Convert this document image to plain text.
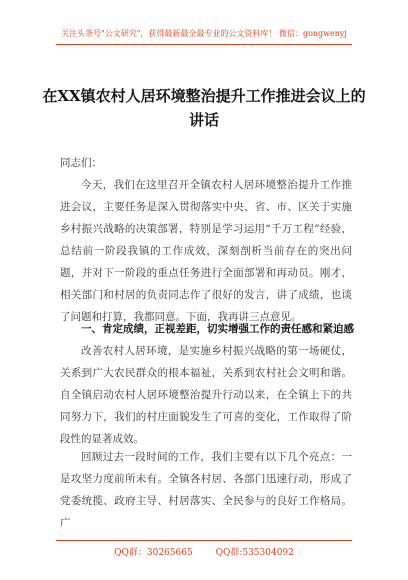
关注头条号"公文研究"，获得最新最全最专业的公文资料库！ 微信：gongwenyj
在XX镇农村人居环境整治提升工作推进会议上的讲话
同志们：
今天，我们在这里召开全镇农村人居环境整治提升工作推进会议，主要任务是深入贯彻落实中央、省、市、区关于实施乡村振兴战略的决策部署，特别是学习运用“千万工程”经验，总结前一阶段我镇的工作成效，深刻剖析当前存在的突出问题，并对下一阶段的重点任务进行全面部署和再动员。刚才，相关部门和村居的负责同志作了很好的发言，讲了成绩，也谈了问题和打算，我都同意。下面，我再讲三点意见。
一、肯定成绩，正视差距，切实增强工作的责任感和紧迫感
改善农村人居环境，是实施乡村振兴战略的第一场硬仗，关系到广大农民群众的根本福祉，关系到农村社会文明和谐。自全镇启动农村人居环境整治提升行动以来，在全镇上下的共同努力下，我们的村庄面貌发生了可喜的变化，工作取得了阶段性的显著成效。
回顾过去一段时间的工作，我们主要有以下几个亮点：一是攻坚力度前所未有。全镇各村居、各部门迅速行动，形成了党委统揽、政府主导、村居落实、全民参与的良好工作格局。广
QQ群：30265665	QQ群:535304092
